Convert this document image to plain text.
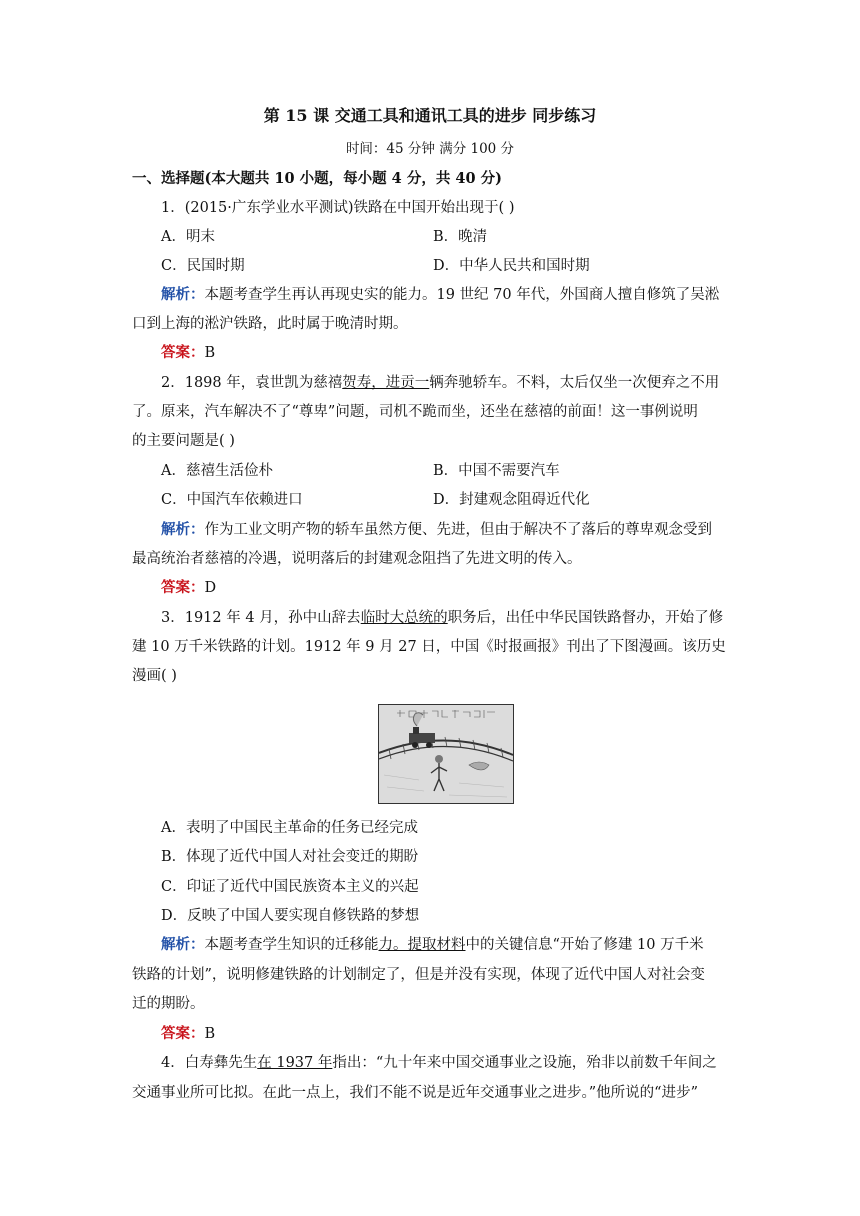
第 15 课 交通工具和通讯工具的进步 同步练习
时间：45 分钟 满分 100 分
一、选择题(本大题共 10 小题，每小题 4 分，共 40 分)
1．(2015·广东学业水平测试)铁路在中国开始出现于( )
A．明末	B．晚清
C．民国时期	D．中华人民共和国时期
解析：本题考查学生再认再现史实的能力。19 世纪 70 年代，外国商人擅自修筑了吴淞
口到上海的淞沪铁路，此时属于晚清时期。
答案：B
2．1898 年，袁世凯为慈禧贺寿，进贡一辆奔驰轿车。不料，太后仅坐一次便弃之不用
了。原来，汽车解决不了“尊卑”问题，司机不跪而坐，还坐在慈禧的前面！这一事例说明
的主要问题是( )
A．慈禧生活俭朴	B．中国不需要汽车
C．中国汽车依赖进口	D．封建观念阻碍近代化
解析：作为工业文明产物的轿车虽然方便、先进，但由于解决不了落后的尊卑观念受到
最高统治者慈禧的冷遇，说明落后的封建观念阻挡了先进文明的传入。
答案：D
3．1912 年 4 月，孙中山辞去临时大总统的职务后，出任中华民国铁路督办，开始了修
建 10 万千米铁路的计划。1912 年 9 月 27 日，中国《时报画报》刊出了下图漫画。该历史
漫画( )
A．表明了中国民主革命的任务已经完成
B．体现了近代中国人对社会变迁的期盼
C．印证了近代中国民族资本主义的兴起
D．反映了中国人要实现自修铁路的梦想
解析：本题考查学生知识的迁移能力。提取材料中的关键信息“开始了修建 10 万千米
铁路的计划”，说明修建铁路的计划制定了，但是并没有实现，体现了近代中国人对社会变
迁的期盼。
答案：B
4．白寿彝先生在 1937 年指出：“九十年来中国交通事业之设施，殆非以前数千年间之
交通事业所可比拟。在此一点上，我们不能不说是近年交通事业之进步。”他所说的“进步”
